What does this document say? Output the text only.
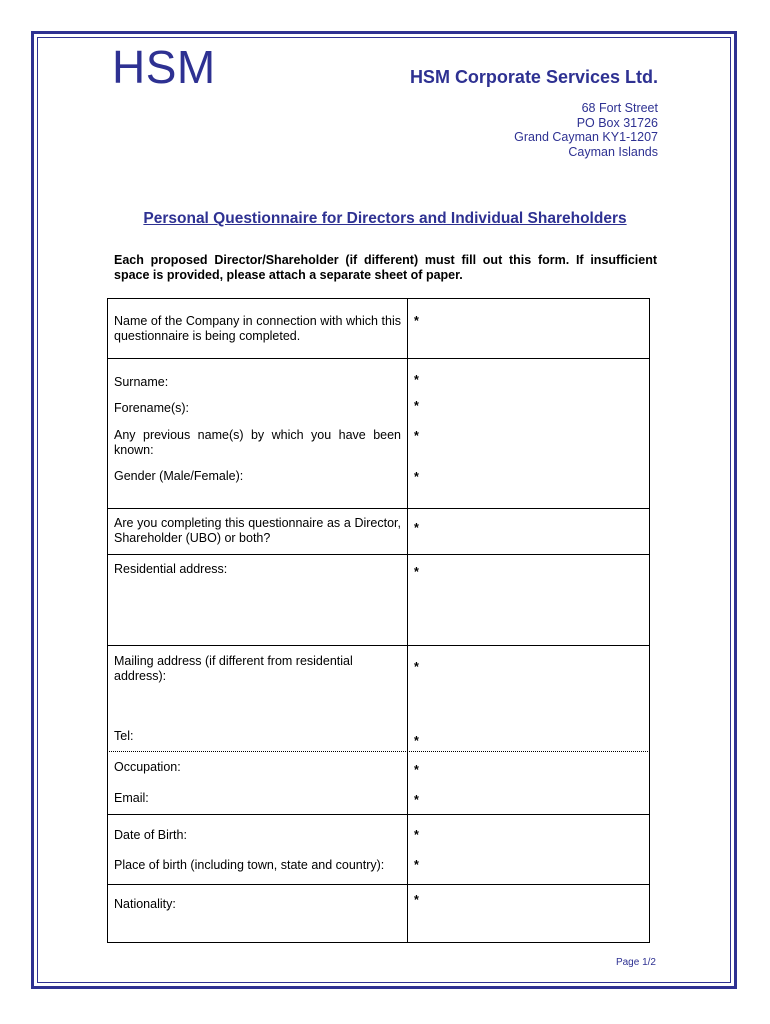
HSM	HSM Corporate Services Ltd.
68 Fort Street
PO Box 31726
Grand Cayman KY1-1207
Cayman Islands
Personal Questionnaire for Directors and Individual Shareholders
Each proposed Director/Shareholder (if different) must fill out this form. If insufficient space is provided, please attach a separate sheet of paper.
Name of the Company in connection with which this questionnaire is being completed.
Surname:
Forename(s):
Any previous name(s) by which you have been known:
Gender (Male/Female):
Are you completing this questionnaire as a Director, Shareholder (UBO) or both?
Residential address:
Mailing address (if different from residential address):
Tel:
Occupation:
Email:
Date of Birth:
Place of birth (including town, state and country):
Nationality:
*
*
*
*
*
*
*
*
*
*
*
*
*
*
Page 1/2
